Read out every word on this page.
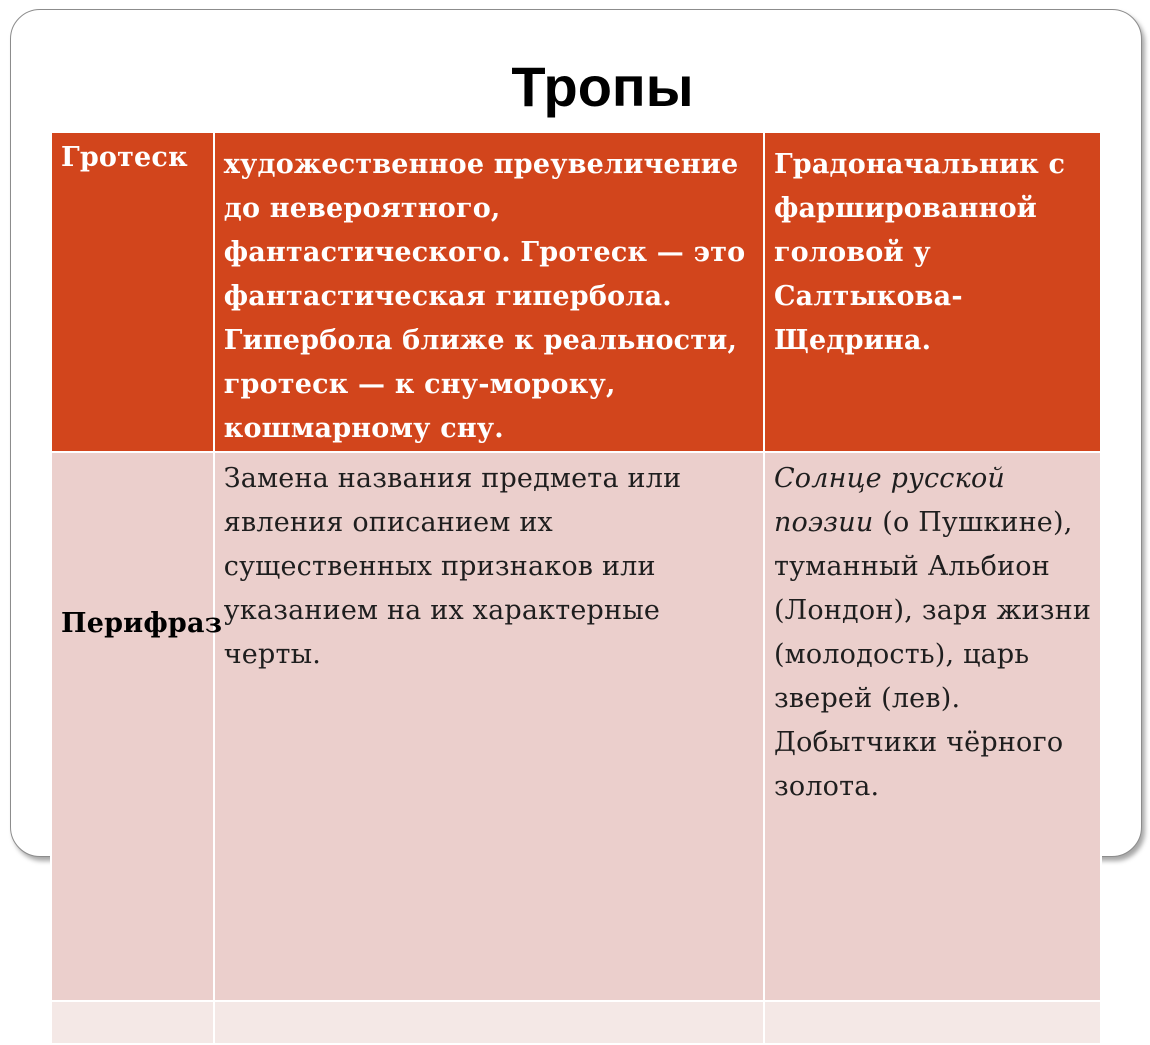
Тропы
Гротеск	художественное преувеличение до невероятного, фантастического. Гротеск — это фантастическая гипербола. Гипербола ближе к реальности, гротеск — к сну-мороку, кошмарному сну.	Градоначальник с фаршированной головой у Салтыкова-Щедрина.
Перифраз	Замена названия предмета или явления описанием их существенных признаков или указанием на их характерные черты.	Солнце русской поэзии (о Пушкине), туманный Альбион (Лондон), заря жизни (молодость), царь зверей (лев). Добытчики чёрного золота.
